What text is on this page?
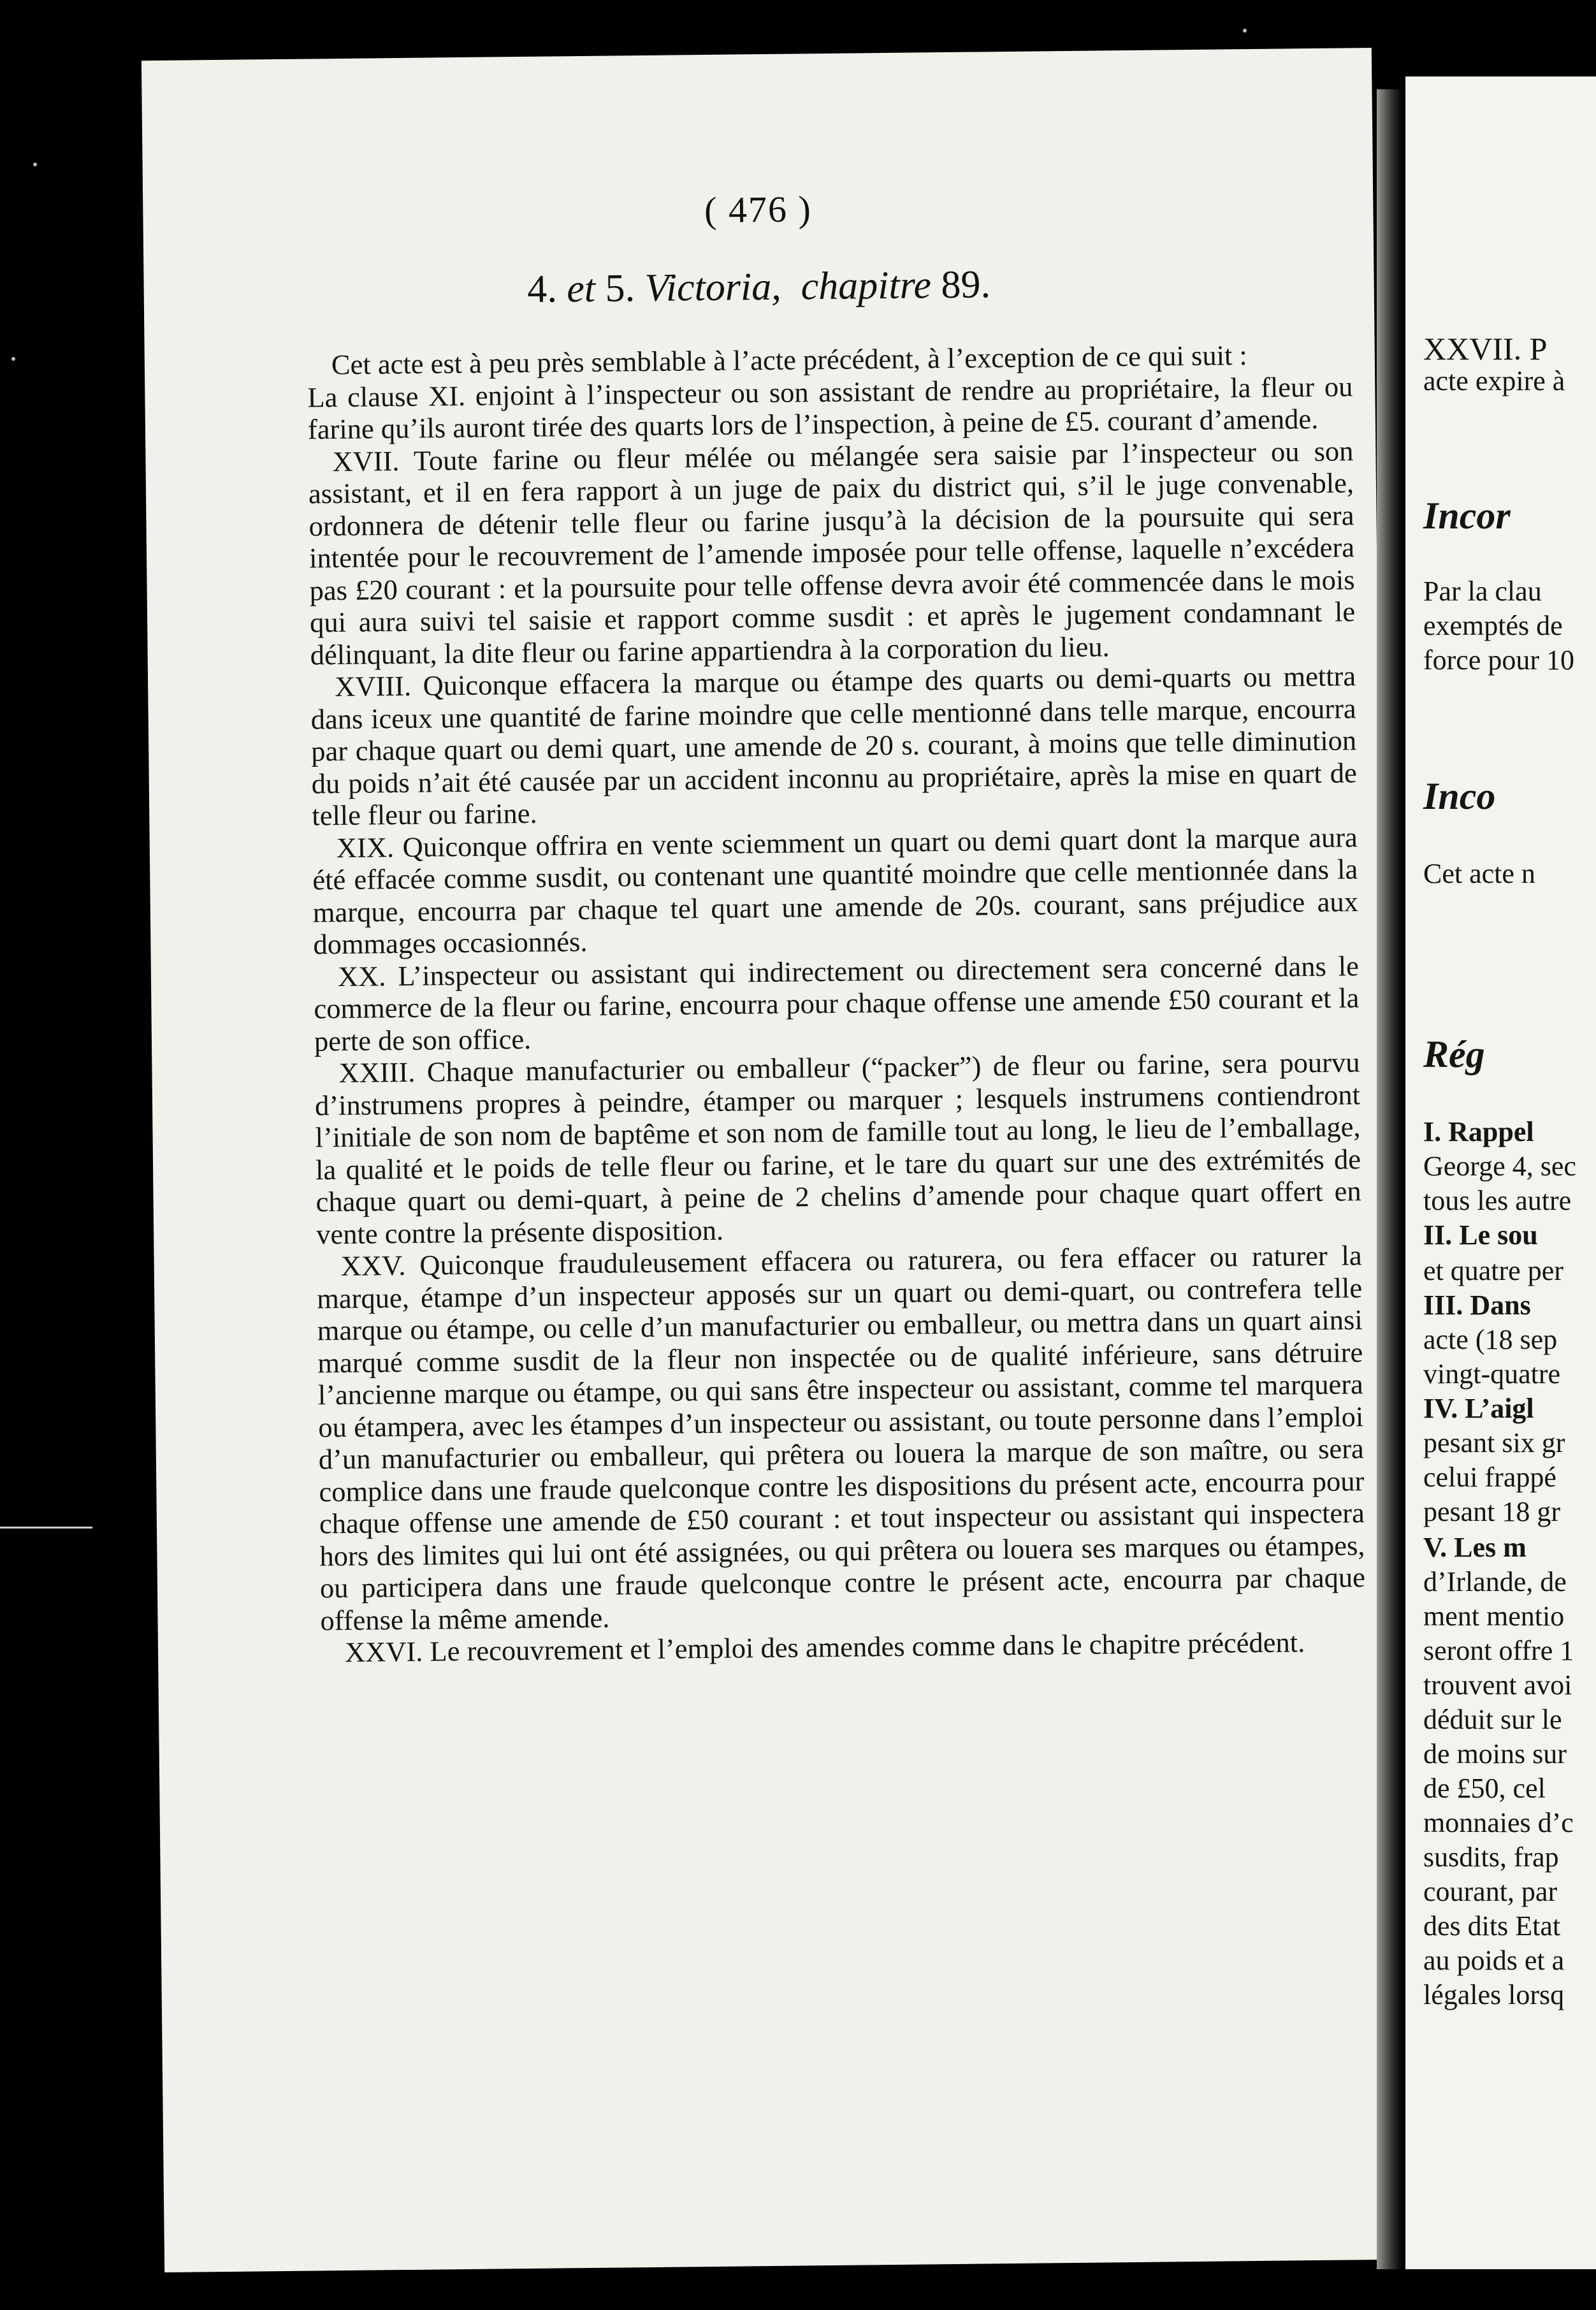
( 476 )
4. et 5. Victoria, chapitre 89.

Cet acte est à peu près semblable à l’acte précédent, à l’exception de ce qui suit :

La clause XI. enjoint à l’inspecteur ou son assistant de rendre au propriétaire, la fleur ou farine qu’ils auront tirée des quarts lors de l’inspection, à peine de £5. courant d’amende.

XVII. Toute farine ou fleur mélée ou mélangée sera saisie par l’inspecteur ou son assistant, et il en fera rapport à un juge de paix du district qui, s’il le juge convenable, ordonnera de détenir telle fleur ou farine jusqu’à la décision de la poursuite qui sera intentée pour le recouvrement de l’amende imposée pour telle offense, laquelle n’excédera pas £20 courant : et la poursuite pour telle offense devra avoir été commencée dans le mois qui aura suivi tel saisie et rapport comme susdit : et après le jugement condamnant le délinquant, la dite fleur ou farine appartiendra à la corporation du lieu.

XVIII. Quiconque effacera la marque ou étampe des quarts ou demi-quarts ou mettra dans iceux une quantité de farine moindre que celle mentionné dans telle marque, encourra par chaque quart ou demi quart, une amende de 20 s. courant, à moins que telle diminution du poids n’ait été causée par un accident inconnu au propriétaire, après la mise en quart de telle fleur ou farine.

XIX. Quiconque offrira en vente sciemment un quart ou demi quart dont la marque aura été effacée comme susdit, ou contenant une quantité moindre que celle mentionnée dans la marque, encourra par chaque tel quart une amende de 20s. courant, sans préjudice aux dommages occasionnés.

XX. L’inspecteur ou assistant qui indirectement ou directement sera concerné dans le commerce de la fleur ou farine, encourra pour chaque offense une amende £50 courant et la perte de son office.

XXIII. Chaque manufacturier ou emballeur (“packer”) de fleur ou farine, sera pourvu d’instrumens propres à peindre, étamper ou marquer ; lesquels instrumens contiendront l’initiale de son nom de baptême et son nom de famille tout au long, le lieu de l’emballage, la qualité et le poids de telle fleur ou farine, et le tare du quart sur une des extrémités de chaque quart ou demi-quart, à peine de 2 chelins d’amende pour chaque quart offert en vente contre la présente disposition.

XXV. Quiconque frauduleusement effacera ou raturera, ou fera effacer ou raturer la marque, étampe d’un inspecteur apposés sur un quart ou demi-quart, ou contrefera telle marque ou étampe, ou celle d’un manufacturier ou emballeur, ou mettra dans un quart ainsi marqué comme susdit de la fleur non inspectée ou de qualité inférieure, sans détruire l’ancienne marque ou étampe, ou qui sans être inspecteur ou assistant, comme tel marquera ou étampera, avec les étampes d’un inspecteur ou assistant, ou toute personne dans l’emploi d’un manufacturier ou emballeur, qui prêtera ou louera la marque de son maître, ou sera complice dans une fraude quelconque contre les dispositions du présent acte, encourra pour chaque offense une amende de £50 courant : et tout inspecteur ou assistant qui inspectera hors des limites qui lui ont été assignées, ou qui prêtera ou louera ses marques ou étampes, ou participera dans une fraude quelconque contre le présent acte, encourra par chaque offense la même amende.

XXVI. Le recouvrement et l’emploi des amendes comme dans le chapitre précédent.

XXVII. P
acte expire à
Incor
Par la clau
exemptés de
force pour 10
Inco
Cet acte n
Rég
I. Rappel
George 4, sec
tous les autre
II. Le sou
et quatre per
III. Dans
acte (18 sep
vingt-quatre
IV. L’aigl
pesant six gr
celui frappé
pesant 18 gr
V. Les m
d’Irlande, de
ment mentio
seront offre 1
trouvent avoi
déduit sur le
de moins sur
de £50, cel
monnaies d’c
susdits, frap
courant, par
des dits Etat
au poids et a
légales lorsq
